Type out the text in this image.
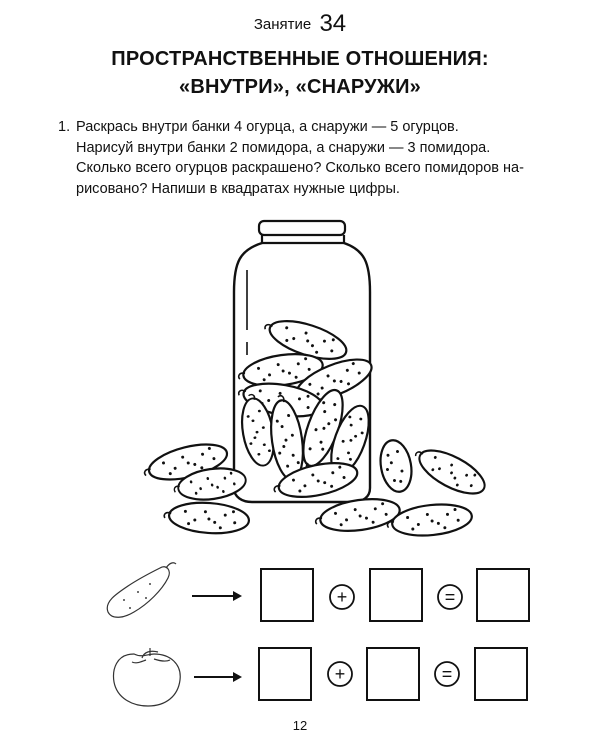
Занятие 34
ПРОСТРАНСТВЕННЫЕ ОТНОШЕНИЯ:
«ВНУТРИ», «СНАРУЖИ»
1. Раскрась внутри банки 4 огурца, а снаружи — 5 огурцов.
Нарисуй внутри банки 2 помидора, а снаружи — 3 помидора.
Сколько всего огурцов раскрашено? Сколько всего помидоров на-
рисовано? Напиши в квадратах нужные цифры.
+	=
+	=
12
